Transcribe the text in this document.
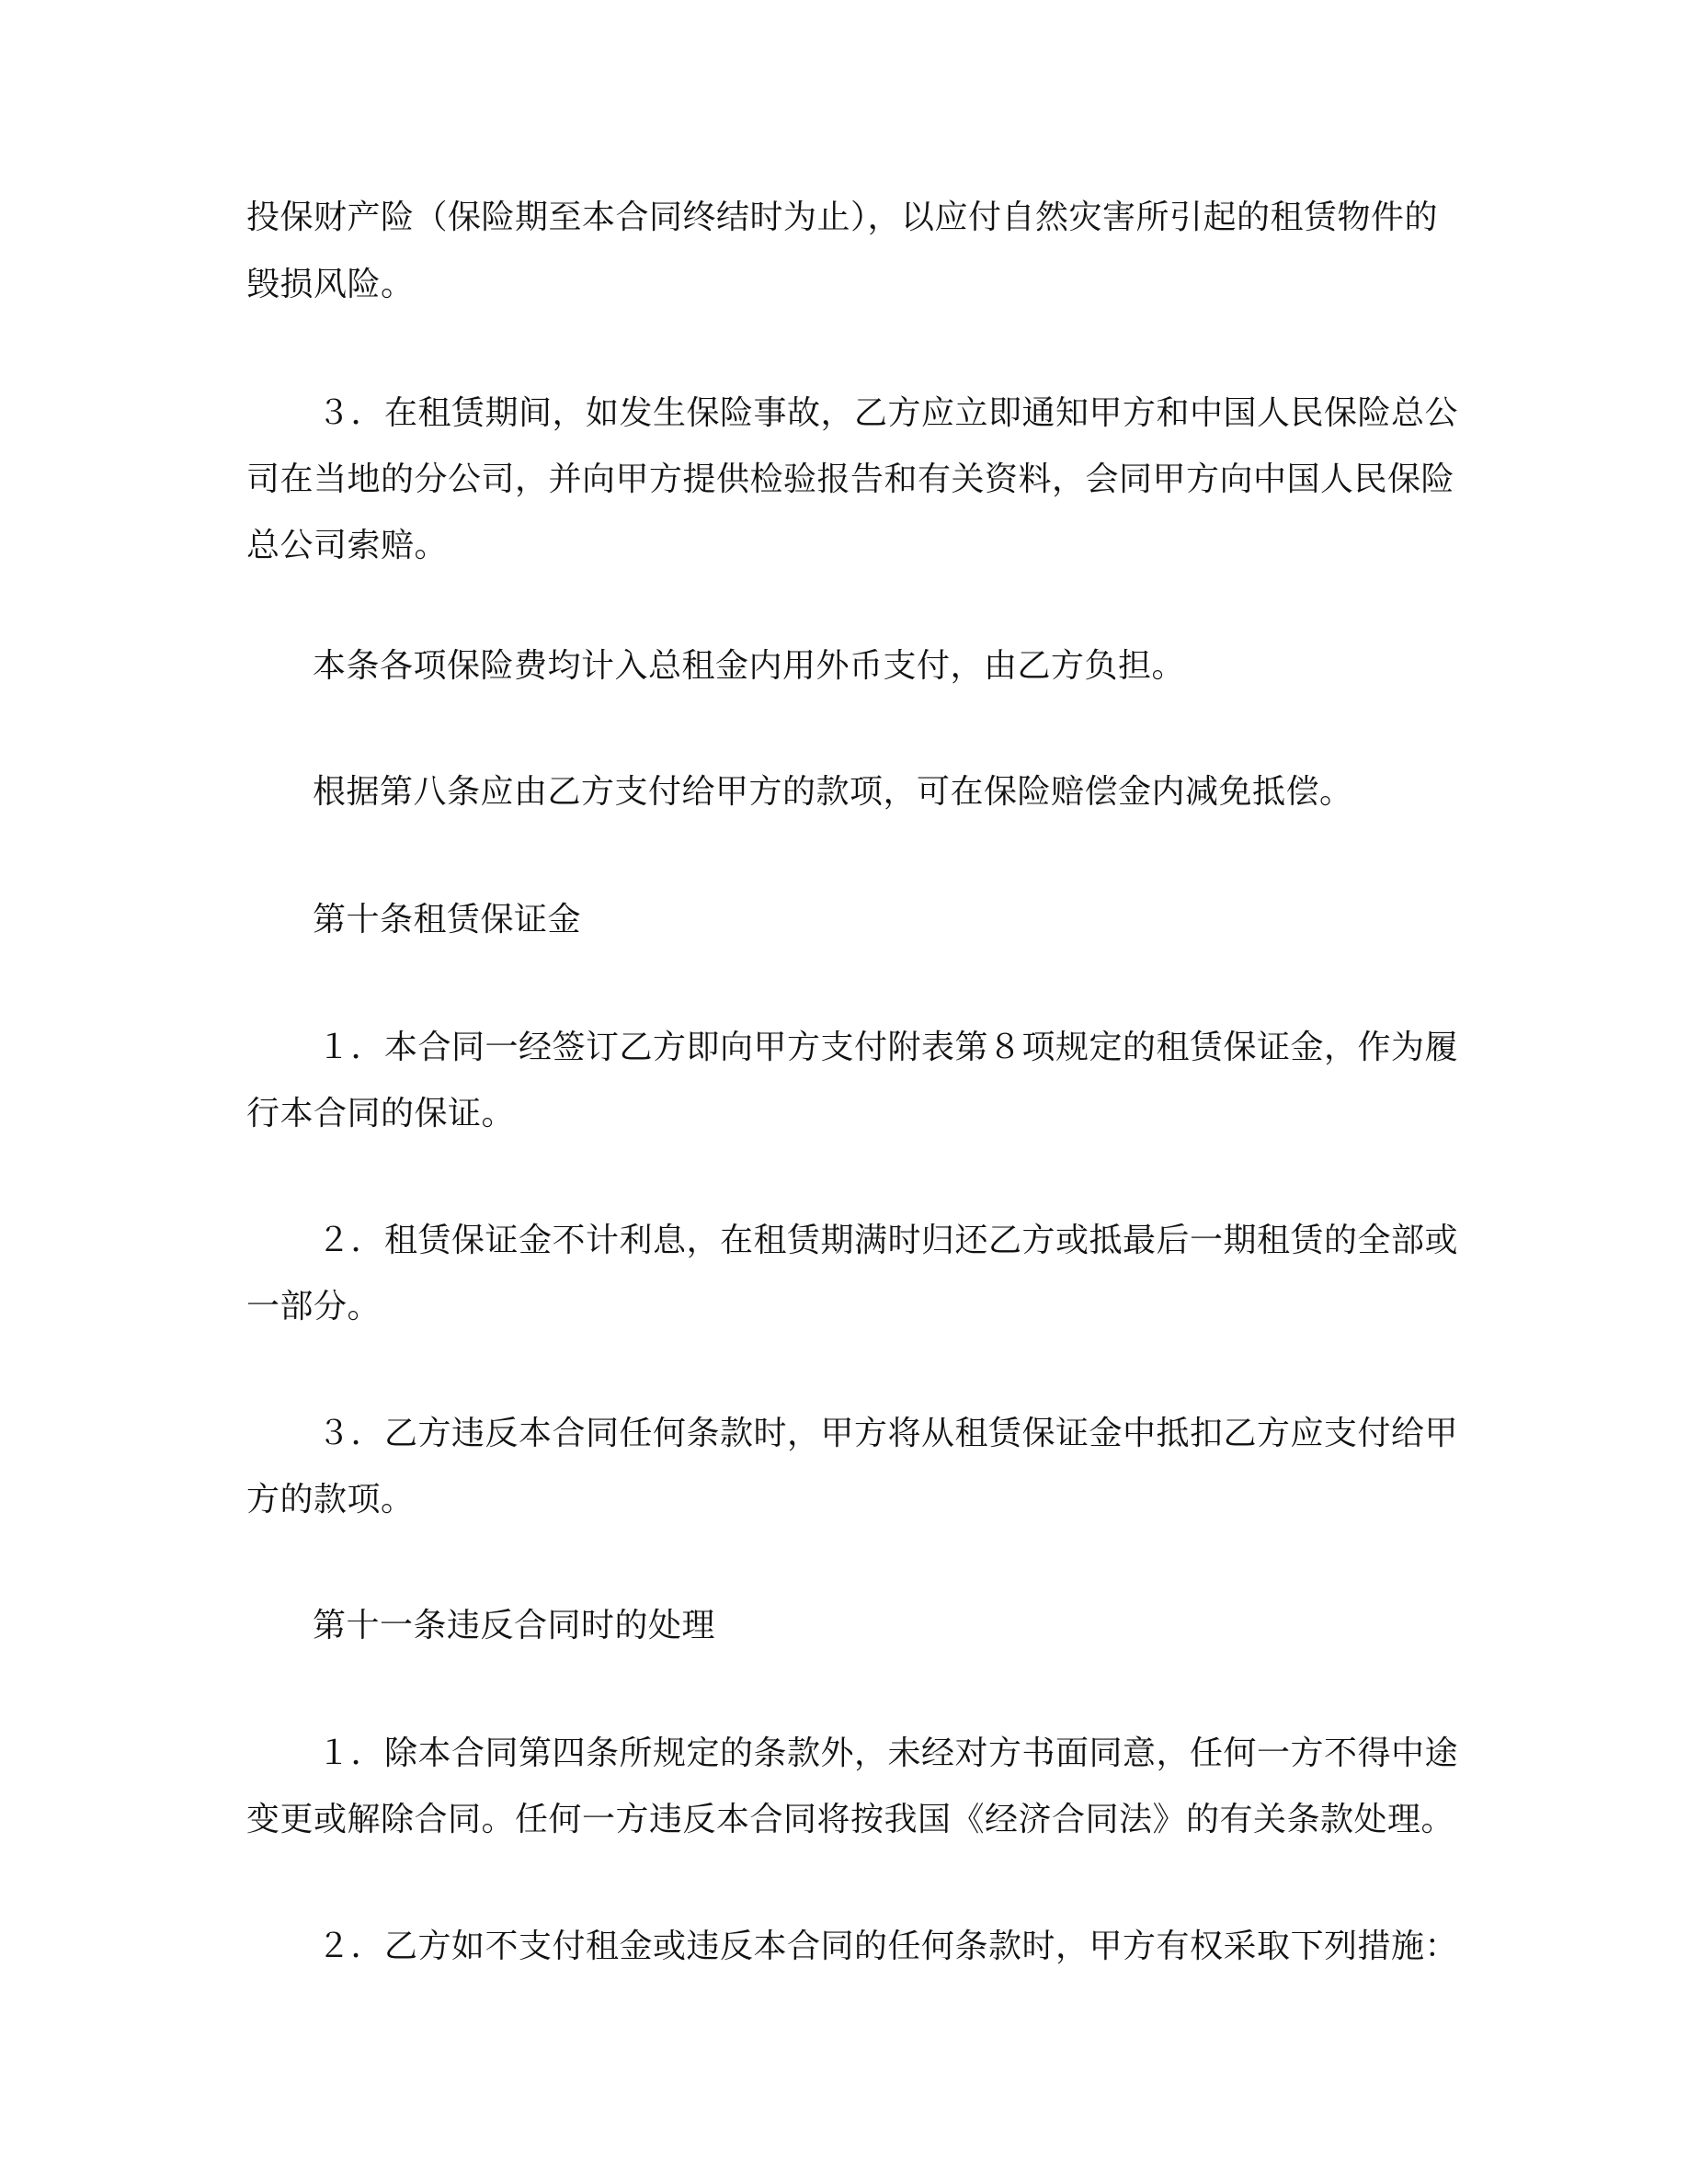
投保财产险（保险期至本合同终结时为止），以应付自然灾害所引起的租赁物件的
毁损风险。
３．在租赁期间，如发生保险事故，乙方应立即通知甲方和中国人民保险总公
司在当地的分公司，并向甲方提供检验报告和有关资料，会同甲方向中国人民保险
总公司索赔。
本条各项保险费均计入总租金内用外币支付，由乙方负担。
根据第八条应由乙方支付给甲方的款项，可在保险赔偿金内减免抵偿。
第十条租赁保证金
１．本合同一经签订乙方即向甲方支付附表第８项规定的租赁保证金，作为履
行本合同的保证。
２．租赁保证金不计利息，在租赁期满时归还乙方或抵最后一期租赁的全部或
一部分。
３．乙方违反本合同任何条款时，甲方将从租赁保证金中抵扣乙方应支付给甲
方的款项。
第十一条违反合同时的处理
１．除本合同第四条所规定的条款外，未经对方书面同意，任何一方不得中途
变更或解除合同。任何一方违反本合同将按我国《经济合同法》的有关条款处理。
２．乙方如不支付租金或违反本合同的任何条款时，甲方有权采取下列措施：
